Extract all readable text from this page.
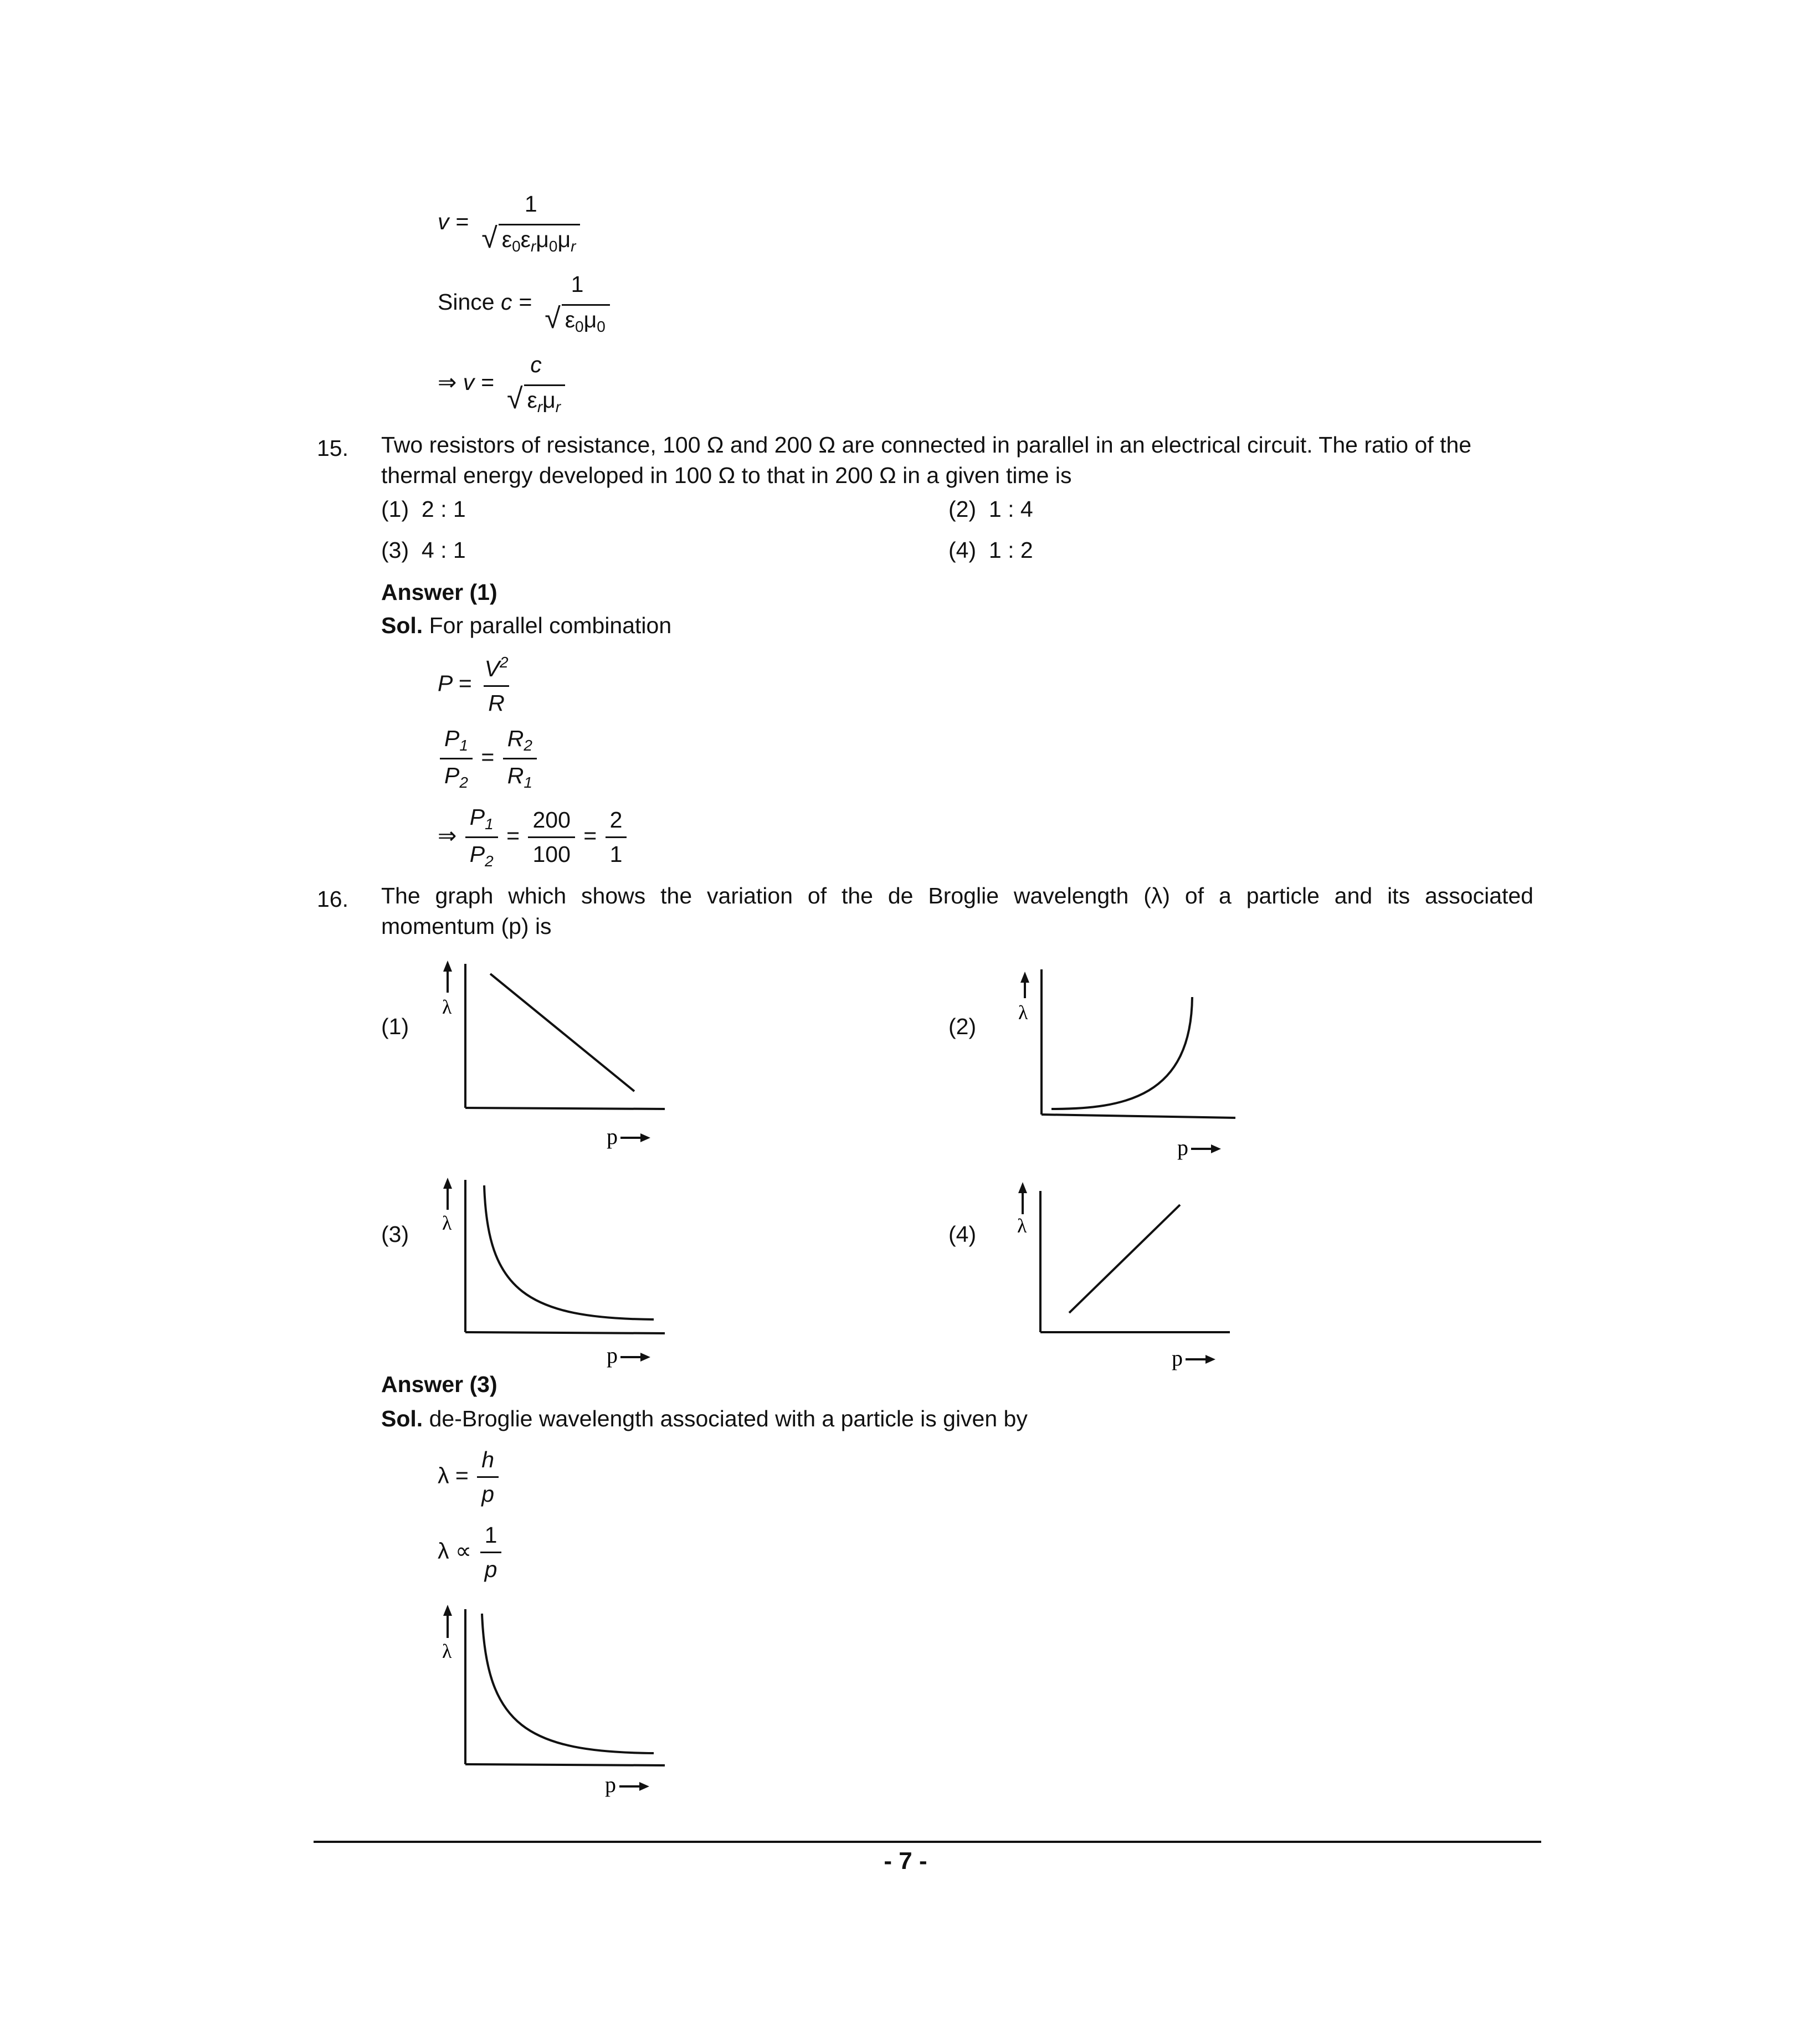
v =
1
√ $\varepsilon_0\varepsilon_r\mu_0\mu_r$
Since c =
1
√ $\varepsilon_0\mu_0$
⇒ v =
c
√ $\varepsilon_r\mu_r$
15. Two resistors of resistance, 100 Ω and 200 Ω are connected in parallel in an electrical circuit. The ratio of the
thermal energy developed in 100 Ω to that in 200 Ω in a given time is
(1)  2 : 1	(2)  1 : 4
(3)  4 : 1	(4)  1 : 2
Answer (1)
Sol. For parallel combination
$P = \frac{V^2}{R}$
$\frac{P_1}{P_2} = \frac{R_2}{R_1}$
⇒ $\frac{P_1}{P_2} = \frac{200}{100} = \frac{2}{1}$
16. The graph which shows the variation of the de Broglie wavelength (λ) of a particle and its associated
momentum (p) is
(1)	(2)
(3)	(4)
λ
p
λ
p
λ
p
λ
p
Answer (3)
Sol. de-Broglie wavelength associated with a particle is given by
$\lambda = \frac{h}{p}$
$\lambda \propto \frac{1}{p}$
λ
p
- 7 -
